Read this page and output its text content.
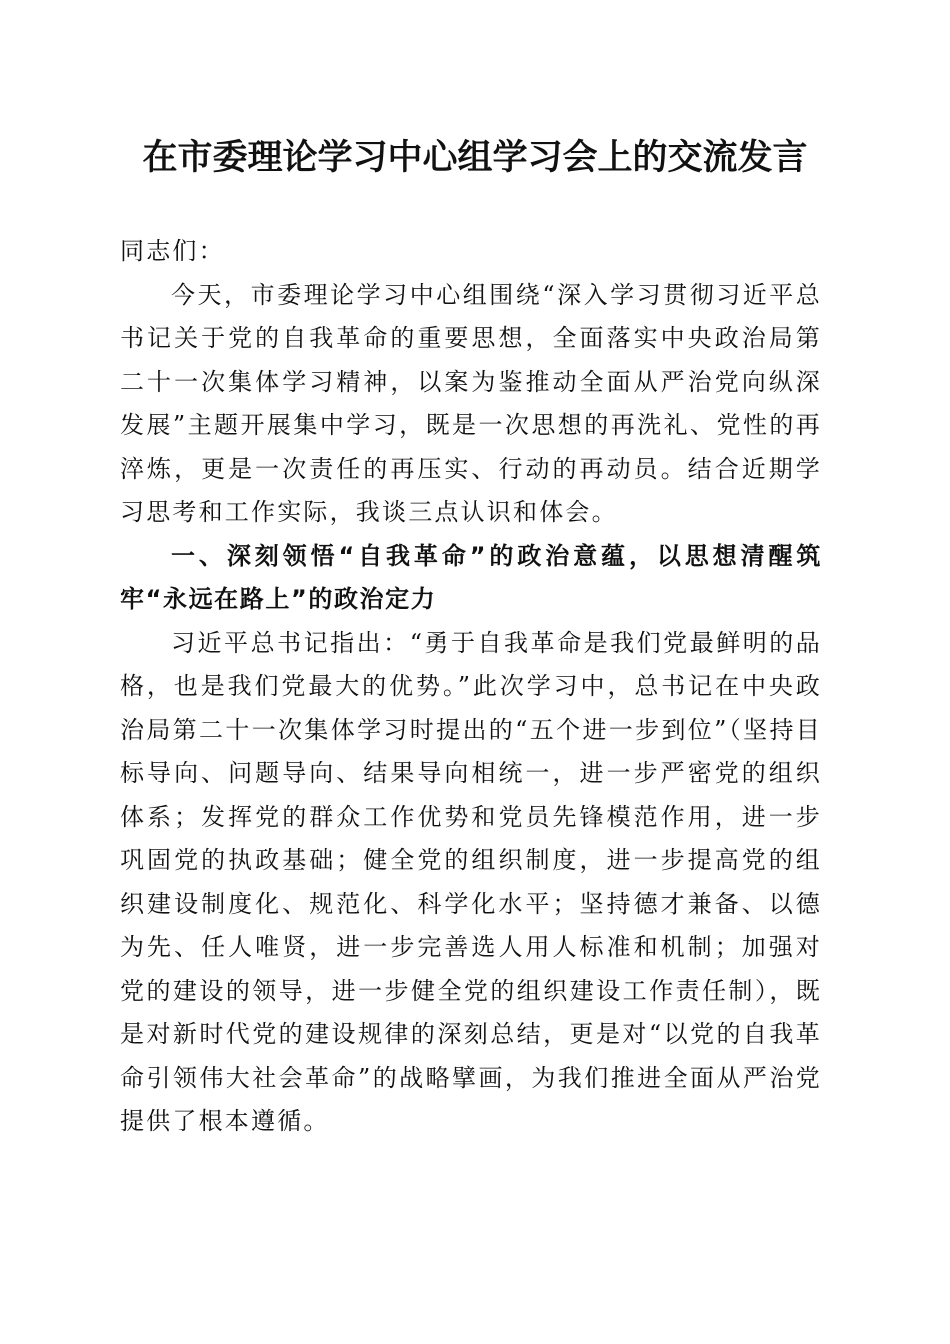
在市委理论学习中心组学习会上的交流发言

同志们：

今天，市委理论学习中心组围绕“深入学习贯彻习近平总书记关于党的自我革命的重要思想，全面落实中央政治局第二十一次集体学习精神，以案为鉴推动全面从严治党向纵深发展”主题开展集中学习，既是一次思想的再洗礼、党性的再淬炼，更是一次责任的再压实、行动的再动员。结合近期学习思考和工作实际，我谈三点认识和体会。

一、深刻领悟“自我革命”的政治意蕴，以思想清醒筑牢“永远在路上”的政治定力

习近平总书记指出：“勇于自我革命是我们党最鲜明的品格，也是我们党最大的优势。”此次学习中，总书记在中央政治局第二十一次集体学习时提出的“五个进一步到位”（坚持目标导向、问题导向、结果导向相统一，进一步严密党的组织体系；发挥党的群众工作优势和党员先锋模范作用，进一步巩固党的执政基础；健全党的组织制度，进一步提高党的组织建设制度化、规范化、科学化水平；坚持德才兼备、以德为先、任人唯贤，进一步完善选人用人标准和机制；加强对党的建设的领导，进一步健全党的组织建设工作责任制），既是对新时代党的建设规律的深刻总结，更是对“以党的自我革命引领伟大社会革命”的战略擘画，为我们推进全面从严治党提供了根本遵循。
